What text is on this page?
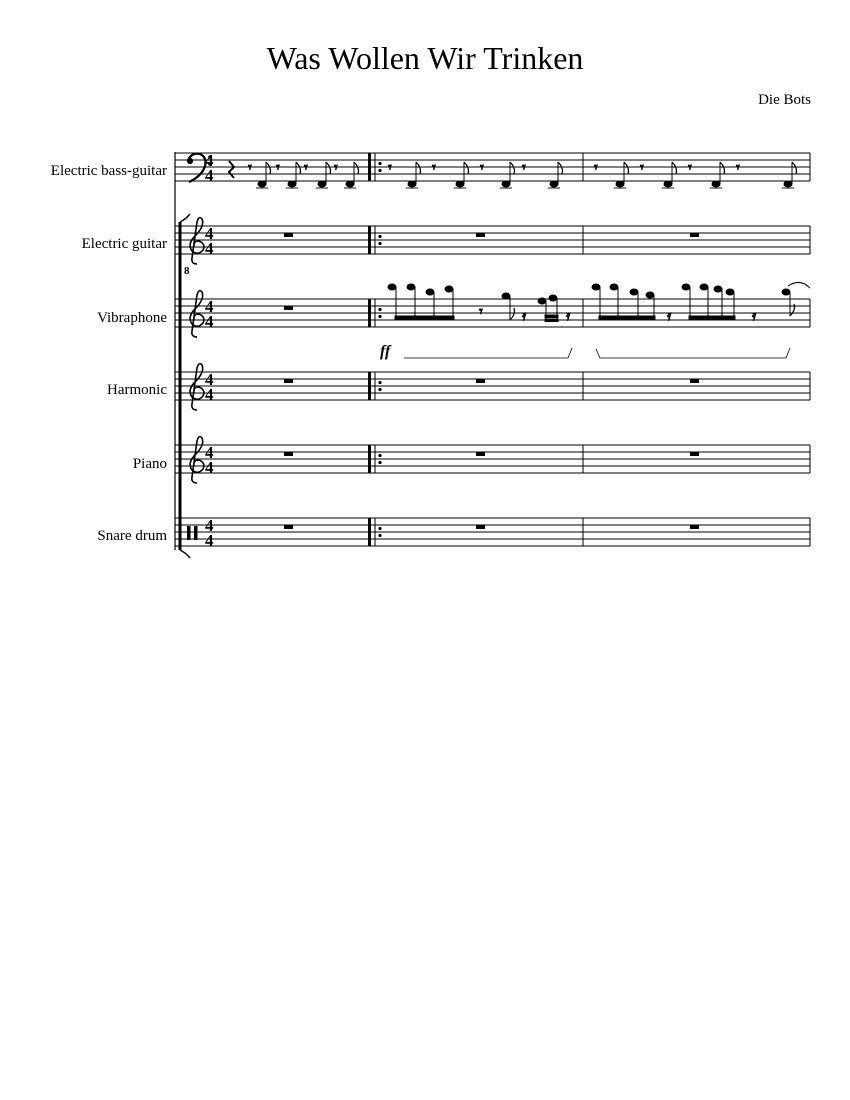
Was Wollen Wir Trinken
Die Bots
Electric bass-guitar
Electric guitar
Vibraphone
Harmonic
Piano
Snare drum
8
4
4
4
4
4
4
4
4
4
4
4
4
𝄾 𝄾 𝄾 𝄾	𝄾	𝄾	𝄾	𝄾	𝄾	𝄾	𝄾	𝄾
𝄾	𝄿	𝄿	𝄿	𝄿
ff
